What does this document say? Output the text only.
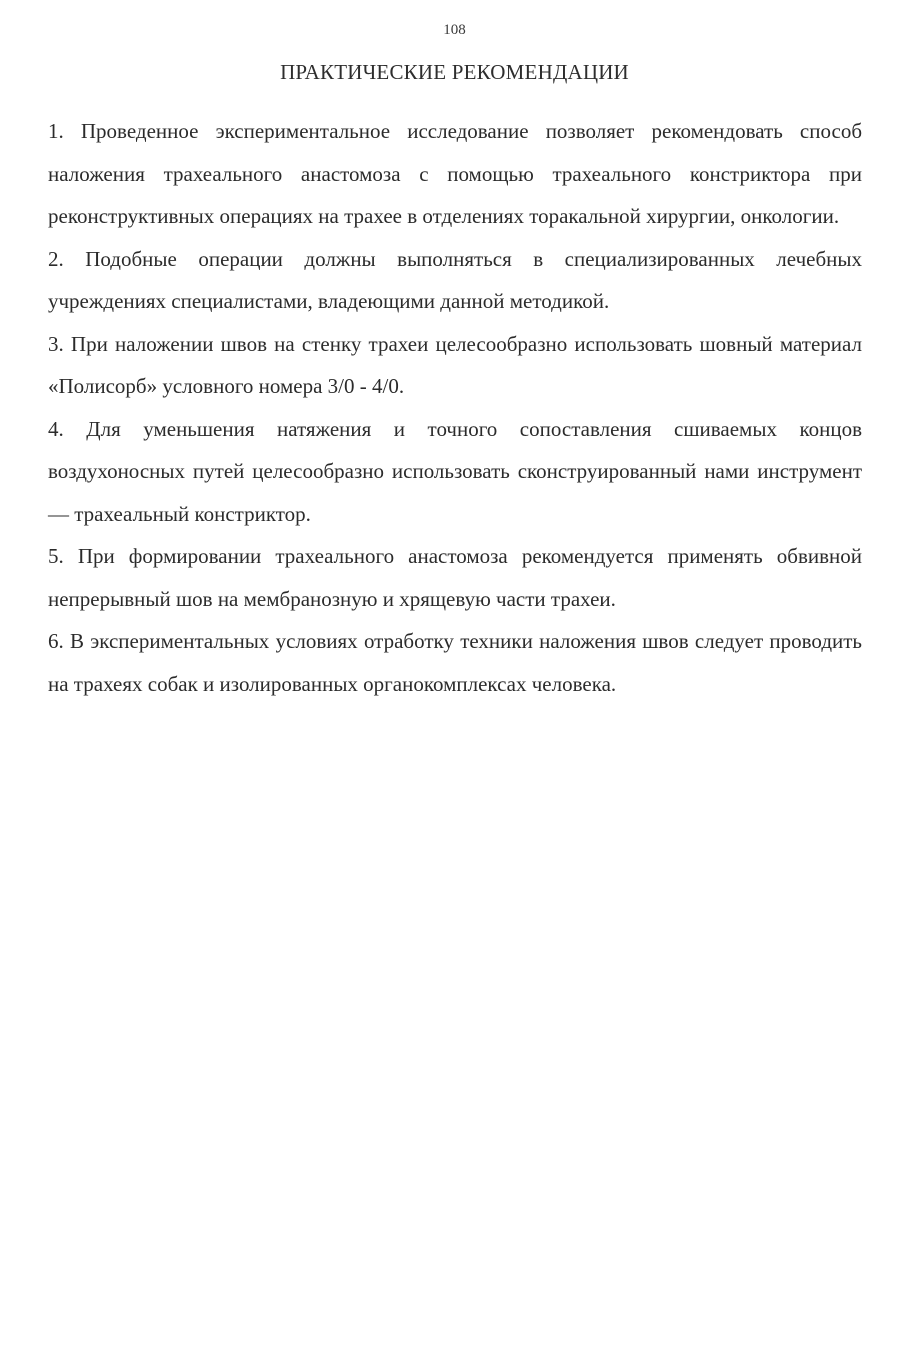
108
ПРАКТИЧЕСКИЕ РЕКОМЕНДАЦИИ

1. Проведенное экспериментальное исследование позволяет рекомендовать способ наложения трахеального анастомоза с помощью трахеального констриктора при реконструктивных операциях на трахее в отделениях торакальной хирургии, онкологии.

2. Подобные операции должны выполняться в специализированных лечебных учреждениях специалистами, владеющими данной методикой.

3. При наложении швов на стенку трахеи целесообразно использовать шовный материал «Полисорб» условного номера 3/0 - 4/0.

4. Для уменьшения натяжения и точного сопоставления сшиваемых концов воздухоносных путей целесообразно использовать сконструированный нами инструмент — трахеальный констриктор.

5. При формировании трахеального анастомоза рекомендуется применять обвивной непрерывный шов на мембранозную и хрящевую части трахеи.

6. В экспериментальных условиях отработку техники наложения швов следует проводить на трахеях собак и изолированных органокомплексах человека.
